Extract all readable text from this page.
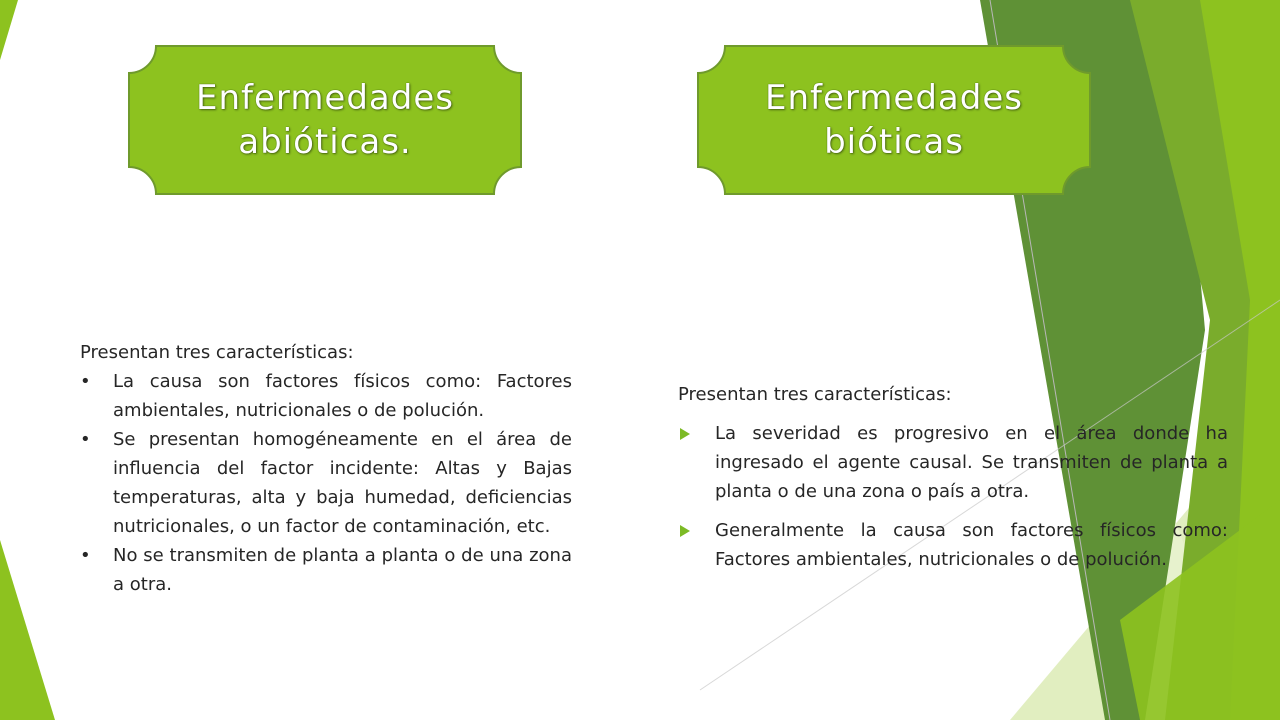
Enfermedades
abióticas.
Enfermedades
bióticas

Presentan tres características:

•	La causa son factores físicos como: Factores ambientales, nutricionales o de polución.
•	Se presentan homogéneamente en el área de influencia del factor incidente: Altas y Bajas temperaturas, alta y baja humedad, deficiencias nutricionales, o un factor de contaminación, etc.
•	No se transmiten de planta a planta o de una zona a otra.

Presentan tres características:

La severidad es progresivo en el área donde ha ingresado el agente causal. Se transmiten de planta a planta o de una zona o país a otra.
Generalmente la causa son factores físicos como: Factores ambientales, nutricionales o de polución.
